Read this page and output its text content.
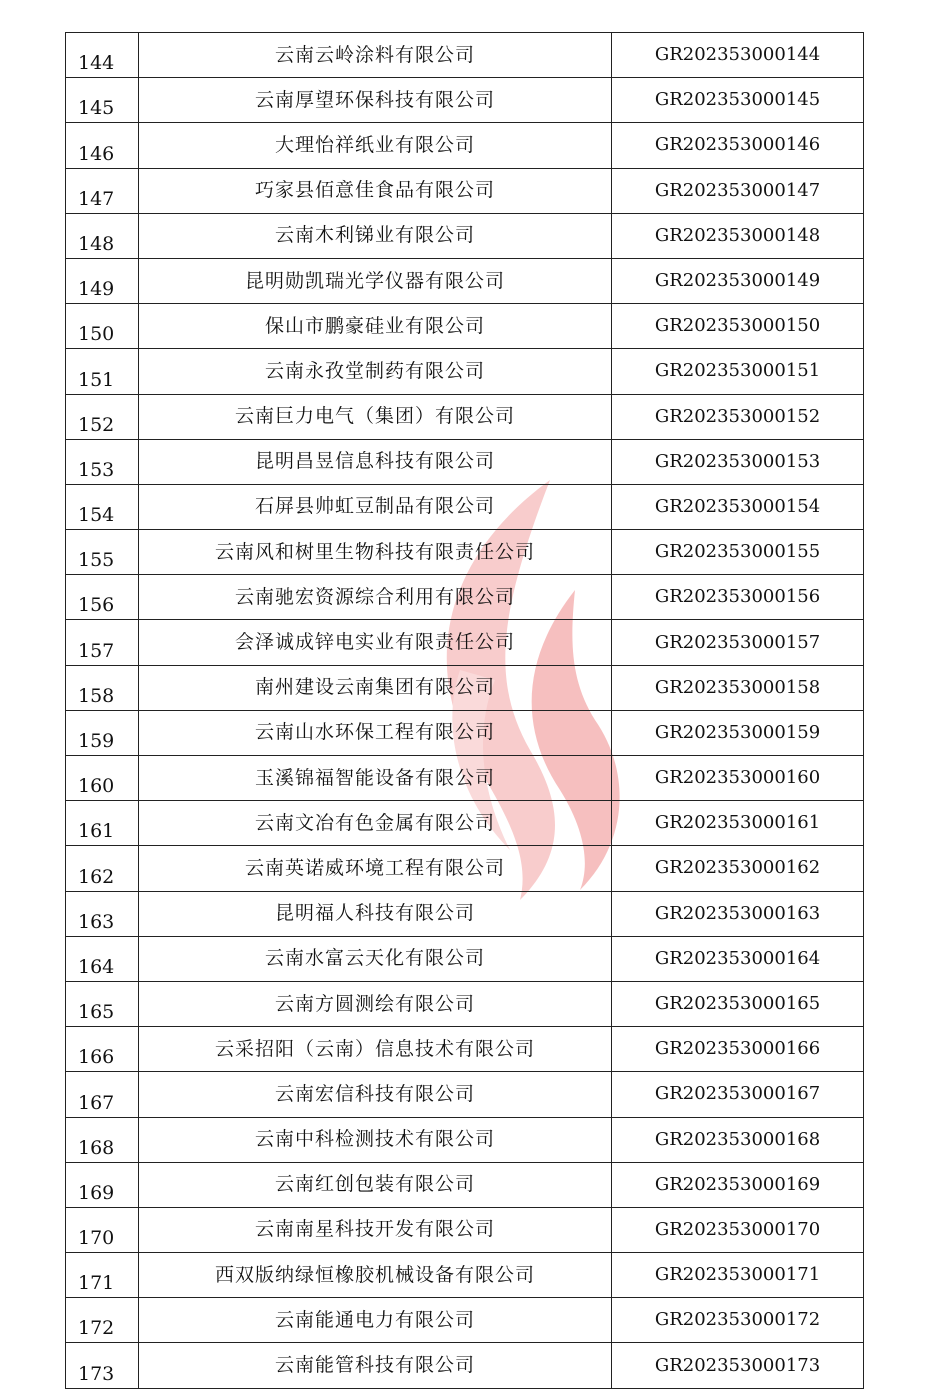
144	云南云岭涂料有限公司	GR202353000144
145	云南厚望环保科技有限公司	GR202353000145
146	大理怡祥纸业有限公司	GR202353000146
147	巧家县佰意佳食品有限公司	GR202353000147
148	云南木利锑业有限公司	GR202353000148
149	昆明勋凯瑞光学仪器有限公司	GR202353000149
150	保山市鹏豪硅业有限公司	GR202353000150
151	云南永孜堂制药有限公司	GR202353000151
152	云南巨力电气（集团）有限公司	GR202353000152
153	昆明昌昱信息科技有限公司	GR202353000153
154	石屏县帅虹豆制品有限公司	GR202353000154
155	云南风和树里生物科技有限责任公司	GR202353000155
156	云南驰宏资源综合利用有限公司	GR202353000156
157	会泽诚成锌电实业有限责任公司	GR202353000157
158	南州建设云南集团有限公司	GR202353000158
159	云南山水环保工程有限公司	GR202353000159
160	玉溪锦福智能设备有限公司	GR202353000160
161	云南文冶有色金属有限公司	GR202353000161
162	云南英诺威环境工程有限公司	GR202353000162
163	昆明福人科技有限公司	GR202353000163
164	云南水富云天化有限公司	GR202353000164
165	云南方圆测绘有限公司	GR202353000165
166	云采招阳（云南）信息技术有限公司	GR202353000166
167	云南宏信科技有限公司	GR202353000167
168	云南中科检测技术有限公司	GR202353000168
169	云南红创包装有限公司	GR202353000169
170	云南南星科技开发有限公司	GR202353000170
171	西双版纳绿恒橡胶机械设备有限公司	GR202353000171
172	云南能通电力有限公司	GR202353000172
173	云南能管科技有限公司	GR202353000173
